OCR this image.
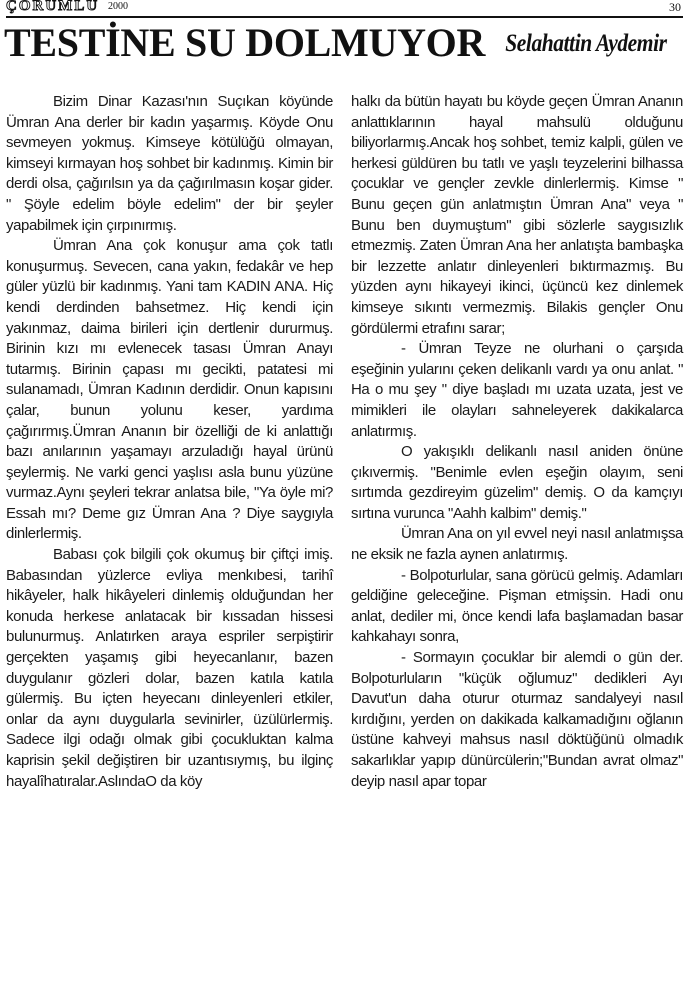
ÇORUMLU 2000	30
TESTİNE SU DOLMUYOR Selahattin Aydemir

Bizim Dinar Kazası'nın Suçıkan köyünde Ümran Ana derler bir kadın yaşarmış. Köyde Onu sevmeyen yokmuş. Kimseye kötülüğü olmayan, kimseyi kırmayan hoş sohbet bir kadınmış. Kimin bir derdi olsa, çağırılsın ya da çağırılmasın koşar gider. " Şöyle edelim böyle edelim" der bir şeyler yapabilmek için çırpınırmış.

Ümran Ana çok konuşur ama çok tatlı konuşurmuş. Sevecen, cana yakın, fedakâr ve hep güler yüzlü bir kadınmış. Yani tam KADIN ANA. Hiç kendi derdinden bahsetmez. Hiç kendi için yakınmaz, daima birileri için dertlenir dururmuş. Birinin kızı mı evlenecek tasası Ümran Anayı tutarmış. Birinin çapası mı gecikti, patatesi mi sulanamadı, Ümran Kadının derdidir. Onun kapısını çalar, bunun yolunu keser, yardıma çağırırmış.Ümran Ananın bir özelliği de ki anlattığı bazı anılarının yaşamayı arzuladığı hayal ürünü şeylermiş. Ne varki genci yaşlısı asla bunu yüzüne vurmaz.Aynı şeyleri tekrar anlatsa bile, "Ya öyle mi? Essah mı? Deme gız Ümran Ana ? Diye saygıyla dinlerlermiş.

Babası çok bilgili çok okumuş bir çiftçi imiş. Babasından yüzlerce evliya menkıbesi, tarihî hikâyeler, halk hikâyeleri dinlemiş olduğundan her konuda herkese anlatacak bir kıssadan hissesi bulunurmuş. Anlatırken araya espriler serpiştirir gerçekten yaşamış gibi heyecanlanır, bazen duygulanır gözleri dolar, bazen katıla katıla gülermiş. Bu içten heyecanı dinleyenleri etkiler, onlar da aynı duygularla sevinirler, üzülürlermiş. Sadece ilgi odağı olmak gibi çocukluktan kalma kaprisin şekil değiştiren bir uzantısıymış, bu ilginç hayalîhatıralar.AslındaO da köy

halkı da bütün hayatı bu köyde geçen Ümran Ananın anlattıklarının hayal mahsulü olduğunu biliyorlarmış.Ancak hoş sohbet, temiz kalpli, gülen ve herkesi güldüren bu tatlı ve yaşlı teyzelerini bilhassa çocuklar ve gençler zevkle dinlerlermiş. Kimse " Bunu geçen gün anlatmıştın Ümran Ana" veya " Bunu ben duymuştum" gibi sözlerle saygısızlık etmezmiş. Zaten Ümran Ana her anlatışta bambaşka bir lezzette anlatır dinleyenleri bıktırmazmış. Bu yüzden aynı hikayeyi ikinci, üçüncü kez dinlemek kimseye sıkıntı vermezmiş. Bilakis gençler Onu gördülermi etrafını sarar;

- Ümran Teyze ne olurhani o çarşıda eşeğinin yularını çeken delikanlı vardı ya onu anlat. " Ha o mu şey " diye başladı mı uzata uzata, jest ve mimikleri ile olayları sahneleyerek dakikalarca anlatırmış.

O yakışıklı delikanlı nasıl aniden önüne çıkıvermiş. "Benimle evlen eşeğin olayım, seni sırtımda gezdireyim güzelim" demiş. O da kamçıyı sırtına vurunca "Aahh kalbim" demiş."

Ümran Ana on yıl evvel neyi nasıl anlatmışsa ne eksik ne fazla aynen anlatırmış.

- Bolpoturlular, sana görücü gelmiş. Adamları geldiğine geleceğine. Pişman etmişsin. Hadi onu anlat, dediler mi, önce kendi lafa başlamadan basar kahkahayı sonra,

- Sormayın çocuklar bir alemdi o gün der. Bolpoturluların "küçük oğlumuz" dedikleri Ayı Davut'un daha oturur oturmaz sandalyeyi nasıl kırdığını, yerden on dakikada kalkamadığını oğlanın üstüne kahveyi mahsus nasıl döktüğünü olmadık sakarlıklar yapıp dünürcülerin;"Bundan avrat olmaz" deyip nasıl apar topar
